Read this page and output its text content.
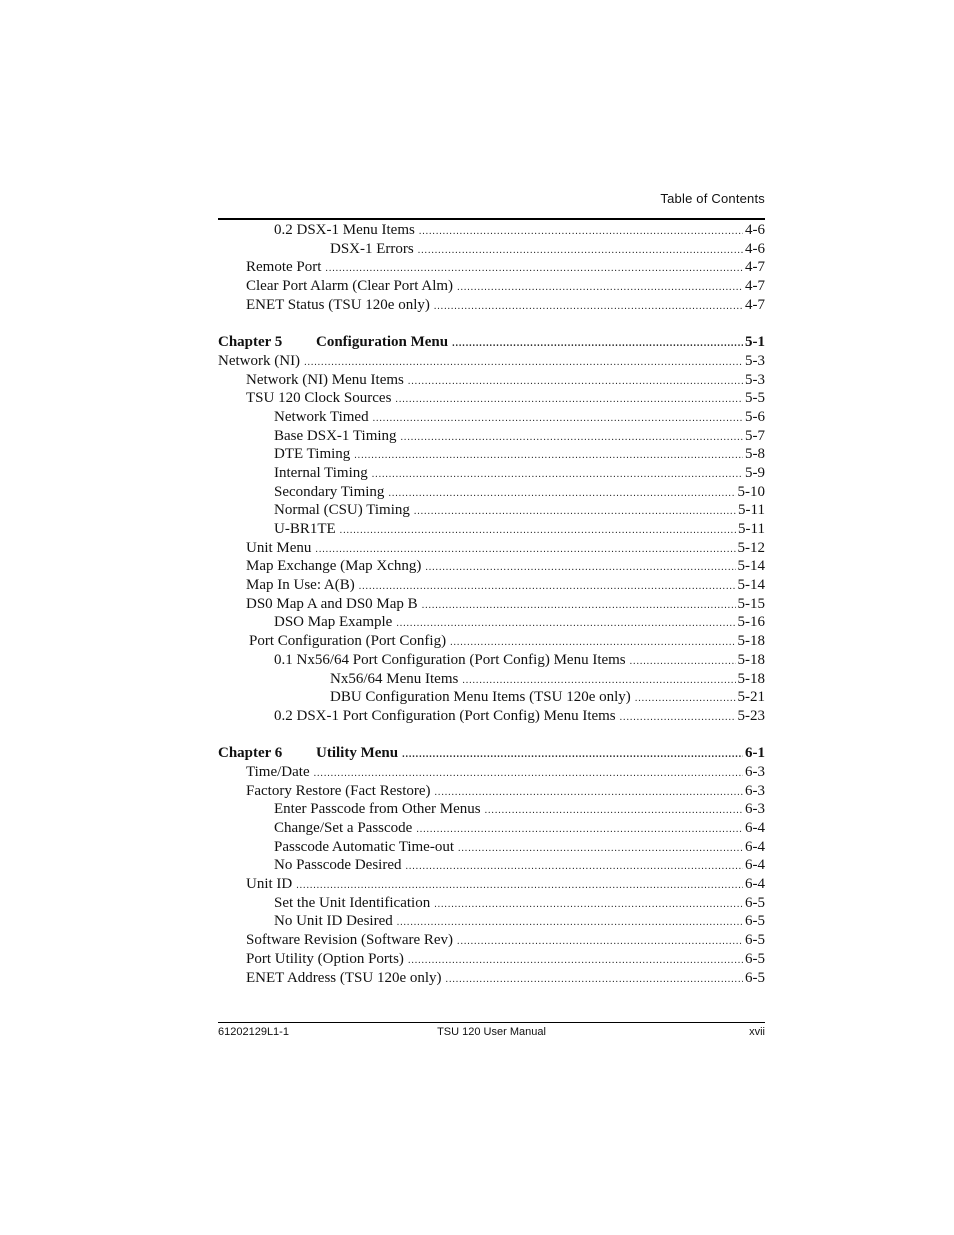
Table of Contents
0.2 DSX-1 Menu Items .....	4-6
DSX-1 Errors .....	4-6
Remote Port .....	4-7
Clear Port Alarm (Clear Port Alm) .....	4-7
ENET Status (TSU 120e only) .....	4-7
Chapter 5 Configuration Menu .....	5-1
Network (NI) .....	5-3
Network (NI) Menu Items .....	5-3
TSU 120 Clock Sources .....	5-5
Network Timed .....	5-6
Base DSX-1 Timing .....	5-7
DTE Timing .....	5-8
Internal Timing .....	5-9
Secondary Timing .....	5-10
Normal (CSU) Timing .....	5-11
U-BR1TE .....	5-11
Unit Menu .....	5-12
Map Exchange (Map Xchng) .....	5-14
Map In Use: A(B) .....	5-14
DS0 Map A and DS0 Map B .....	5-15
DSO Map Example .....	5-16
Port Configuration (Port Config) .....	5-18
0.1 Nx56/64 Port Configuration (Port Config) Menu Items .....	5-18
Nx56/64 Menu Items .....	5-18
DBU Configuration Menu Items (TSU 120e only) .....	5-21
0.2 DSX-1 Port Configuration (Port Config) Menu Items .....	5-23
Chapter 6 Utility Menu .....	6-1
Time/Date .....	6-3
Factory Restore (Fact Restore) .....	6-3
Enter Passcode from Other Menus .....	6-3
Change/Set a Passcode .....	6-4
Passcode Automatic Time-out .....	6-4
No Passcode Desired .....	6-4
Unit ID .....	6-4
Set the Unit Identification .....	6-5
No Unit ID Desired .....	6-5
Software Revision (Software Rev) .....	6-5
Port Utility (Option Ports) .....	6-5
ENET Address (TSU 120e only) .....	6-5
61202129L1-1	TSU 120 User Manual	xvii
